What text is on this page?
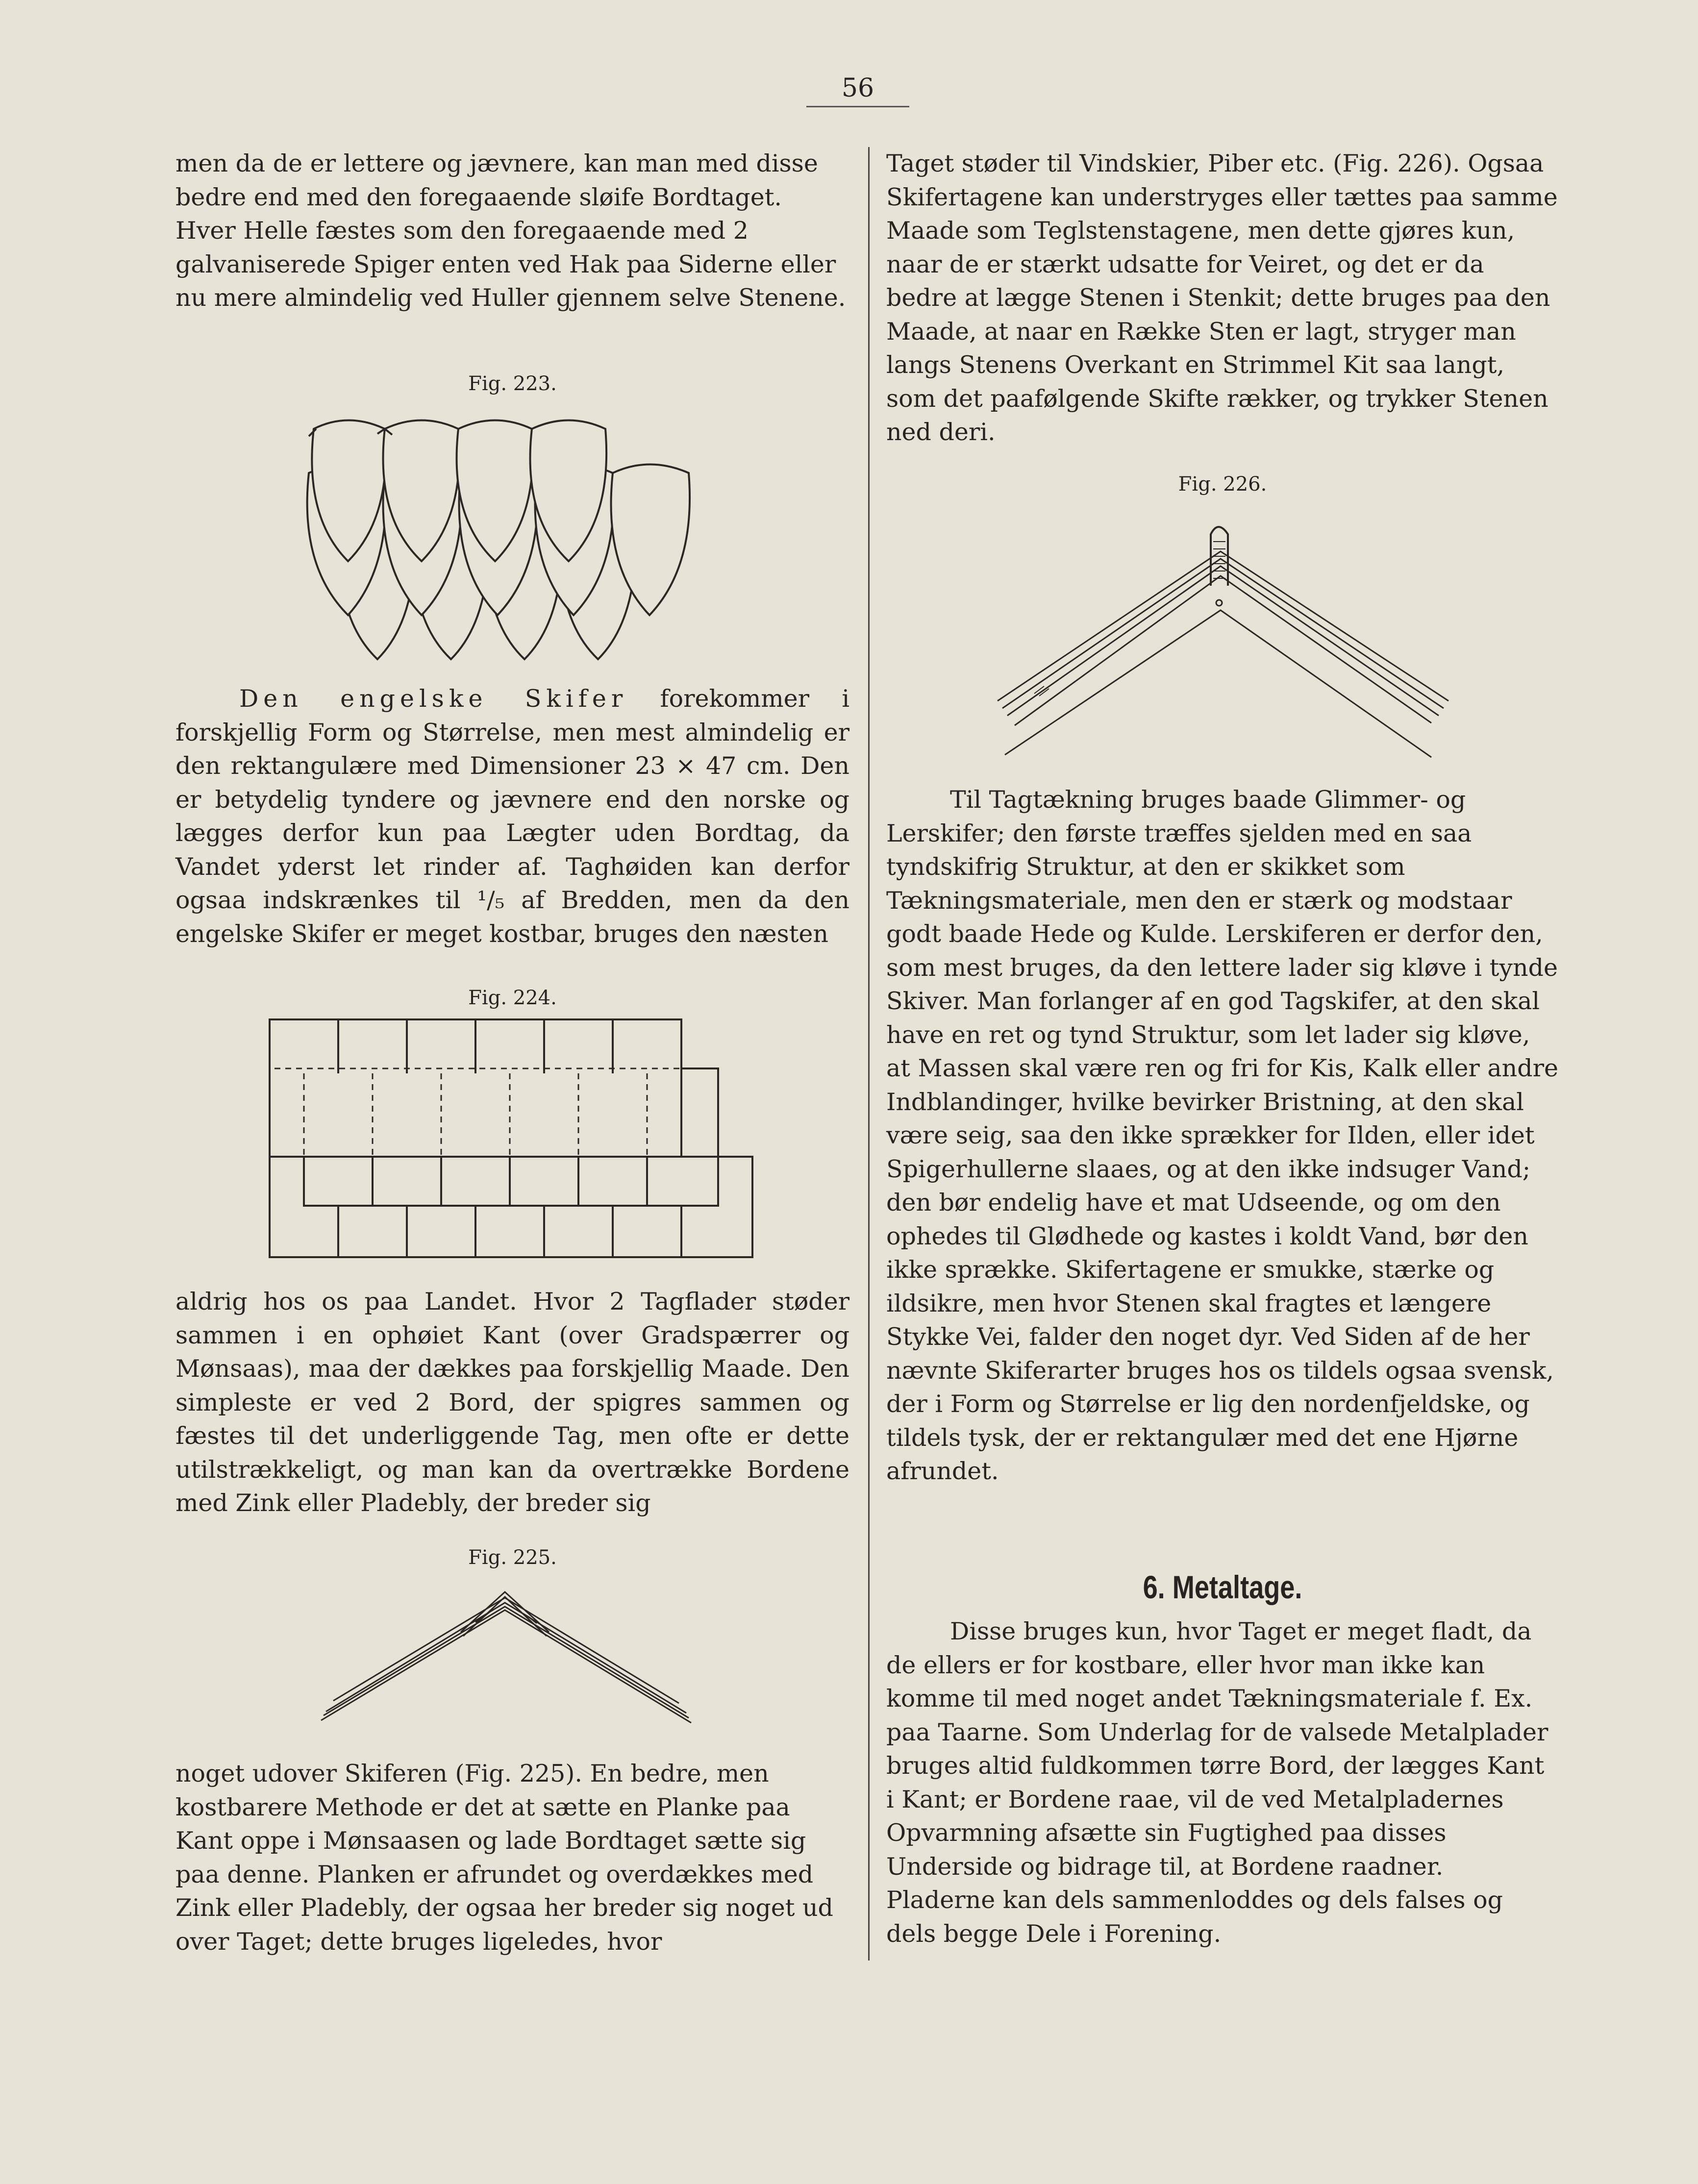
56

men da de er lettere og jævnere, kan man med disse bedre end med den foregaaende sløife Bordtaget. Hver Helle fæstes som den foregaaende med 2 galvaniserede Spiger enten ved Hak paa Siderne eller nu mere almindelig ved Huller gjennem selve Stenene.

Fig. 223.

Den engelske Skifer forekommer i forskjellig Form og Størrelse, men mest almindelig er den rektangulære med Dimensioner 23 × 47 cm. Den er betydelig tyndere og jævnere end den norske og lægges derfor kun paa Lægter uden Bordtag, da Vandet yderst let rinder af. Taghøiden kan derfor ogsaa indskrænkes til ¹/₅ af Bredden, men da den engelske Skifer er meget kostbar, bruges den næsten

Fig. 224.

aldrig hos os paa Landet. Hvor 2 Tagflader støder sammen i en ophøiet Kant (over Gradspærrer og Mønsaas), maa der dækkes paa forskjellig Maade. Den simpleste er ved 2 Bord, der spigres sammen og fæstes til det underliggende Tag, men ofte er dette utilstrækkeligt, og man kan da overtrække Bordene med Zink eller Pladebly, der breder sig

Fig. 225.

noget udover Skiferen (Fig. 225). En bedre, men kostbarere Methode er det at sætte en Planke paa Kant oppe i Mønsaasen og lade Bordtaget sætte sig paa denne. Planken er afrundet og overdækkes med Zink eller Pladebly, der ogsaa her breder sig noget ud over Taget; dette bruges ligeledes, hvor

Taget støder til Vindskier, Piber etc. (Fig. 226). Ogsaa Skifertagene kan understryges eller tættes paa samme Maade som Teglstenstagene, men dette gjøres kun, naar de er stærkt udsatte for Veiret, og det er da bedre at lægge Stenen i Stenkit; dette bruges paa den Maade, at naar en Række Sten er lagt, stryger man langs Stenens Overkant en Strimmel Kit saa langt, som det paafølgende Skifte rækker, og trykker Stenen ned deri.

Fig. 226.

Til Tagtækning bruges baade Glimmer- og Lerskifer; den første træffes sjelden med en saa tyndskifrig Struktur, at den er skikket som Tækningsmateriale, men den er stærk og modstaar godt baade Hede og Kulde. Lerskiferen er derfor den, som mest bruges, da den lettere lader sig kløve i tynde Skiver. Man forlanger af en god Tagskifer, at den skal have en ret og tynd Struktur, som let lader sig kløve, at Massen skal være ren og fri for Kis, Kalk eller andre Indblandinger, hvilke bevirker Bristning, at den skal være seig, saa den ikke sprækker for Ilden, eller idet Spigerhullerne slaaes, og at den ikke indsuger Vand; den bør endelig have et mat Udseende, og om den ophedes til Glødhede og kastes i koldt Vand, bør den ikke sprække. Skifertagene er smukke, stærke og ildsikre, men hvor Stenen skal fragtes et længere Stykke Vei, falder den noget dyr. Ved Siden af de her nævnte Skiferarter bruges hos os tildels ogsaa svensk, der i Form og Størrelse er lig den nordenfjeldske, og tildels tysk, der er rektangulær med det ene Hjørne afrundet.

6. Metaltage.

Disse bruges kun, hvor Taget er meget fladt, da de ellers er for kostbare, eller hvor man ikke kan komme til med noget andet Tækningsmateriale f. Ex. paa Taarne. Som Underlag for de valsede Metalplader bruges altid fuldkommen tørre Bord, der lægges Kant i Kant; er Bordene raae, vil de ved Metalpladernes Opvarmning afsætte sin Fugtighed paa disses Underside og bidrage til, at Bordene raadner. Pladerne kan dels sammenloddes og dels falses og dels begge Dele i Forening.
